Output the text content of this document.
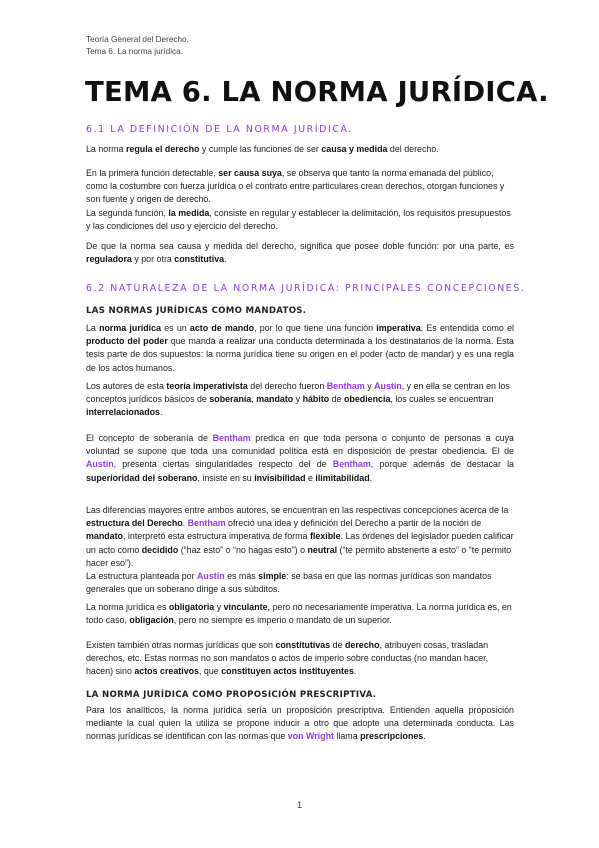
Teoría General del Derecho.
Tema 6. La norma jurídica.
TEMA 6. LA NORMA JURÍDICA.
6.1 LA DEFINICIÓN DE LA NORMA JURÍDICA.

La norma regula el derecho y cumple las funciones de ser causa y medida del derecho.

En la primera función detectable, ser causa suya, se observa que tanto la norma emanada del público, como la costumbre con fuerza jurídica o el contrato entre particulares crean derechos, otorgan funciones y son fuente y origen de derecho.
La segunda función, la medida, consiste en regular y establecer la delimitación, los requisitos presupuestos y las condiciones del uso y ejercicio del derecho.

De que la norma sea causa y medida del derecho, significa que posee doble función: por una parte, es reguladora y por otra constitutiva.

6.2 NATURALEZA DE LA NORMA JURÍDICA: PRINCIPALES CONCEPCIONES.
LAS NORMAS JURÍDICAS COMO MANDATOS.

La norma jurídica es un acto de mando, por lo que tiene una función imperativa. Es entendida como el producto del poder que manda a realizar una conducta determinada a los destinatarios de la norma. Esta tesis parte de dos supuestos: la norma jurídica tiene su origen en el poder (acto de mandar) y es una regla de los actos humanos.

Los autores de esta teoría imperativista del derecho fueron Bentham y Austin, y en ella se centran en los conceptos jurídicos básicos de soberanía, mandato y hábito de obediencia, los cuales se encuentran interrelacionados.

El concepto de soberanía de Bentham predica en que toda persona o conjunto de personas a cuya voluntad se supone que toda una comunidad política está en disposición de prestar obediencia. El de Austin, presenta ciertas singularidades respecto del de Bentham, porque además de destacar la superioridad del soberano, insiste en su invisibilidad e ilimitabilidad.

Las diferencias mayores entre ambos autores, se encuentran en las respectivas concepciones acerca de la estructura del Derecho. Bentham ofreció una idea y definición del Derecho a partir de la noción de mandato, interpretó esta estructura imperativa de forma flexible. Las órdenes del legislador pueden calificar un acto como decidido (“haz esto” o “no hagas esto”) o neutral (“te permito abstenerte a esto” o “te permito hacer eso”).
La estructura planteada por Austin es más simple: se basa en que las normas jurídicas son mandatos generales que un soberano dirige a sus súbditos.

La norma jurídica es obligatoria y vinculante, pero no necesariamente imperativa. La norma jurídica es, en todo caso, obligación, pero no siempre es imperio o mandato de un superior.

Existen también otras normas jurídicas que son constitutivas de derecho, atribuyen cosas, trasladan derechos, etc. Estas normas no son mandatos o actos de imperio sobre conductas (no mandan hacer, hacen) sino actos creativos, que constituyen actos instituyentes.

LA NORMA JURÍDICA COMO PROPOSICIÓN PRESCRIPTIVA.

Para los analíticos, la norma jurídica sería un proposición prescriptiva. Entienden aquella proposición mediante la cual quien la utiliza se propone inducir a otro que adopte una determinada conducta. Las normas jurídicas se identifican con las normas que von Wright llama prescripciones.

1
